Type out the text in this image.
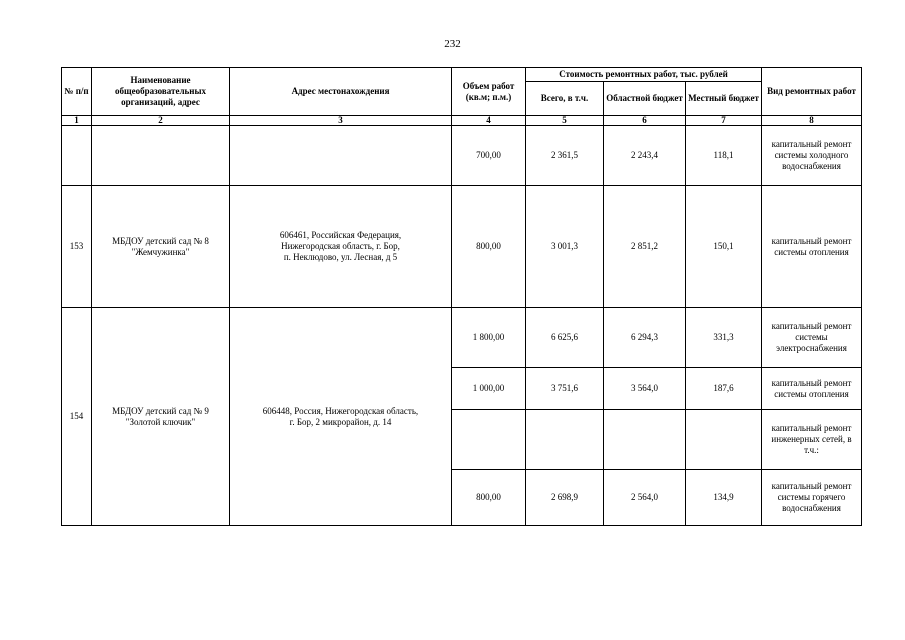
232
№ п/п	Наименование общеобразовательных организаций, адрес	Адрес местонахождения	Объем работ (кв.м; п.м.)	Стоимость ремонтных работ, тыс. рублей			Вид ремонтных работ
				Всего, в т.ч.	Областной бюджет	Местный бюджет	
1	2	3	4	5	6	7	8
			700,00	2 361,5	2 243,4	118,1	капитальный ремонт системы холодного водоснабжения
153	МБДОУ детский сад № 8 "Жемчужинка"	606461, Российская Федерация,
Нижегородская область, г. Бор,
п. Неклюдово, ул. Лесная, д 5	800,00	3 001,3	2 851,2	150,1	капитальный ремонт системы отопления
154	МБДОУ детский сад № 9 "Золотой ключик"	606448, Россия, Нижегородская область,
г. Бор, 2 микрорайон, д. 14	1 800,00	6 625,6	6 294,3	331,3	капитальный ремонт системы электроснабжения
			1 000,00	3 751,6	3 564,0	187,6	капитальный ремонт системы отопления
							капитальный ремонт инженерных сетей, в т.ч.:
			800,00	2 698,9	2 564,0	134,9	капитальный ремонт системы горячего водоснабжения
